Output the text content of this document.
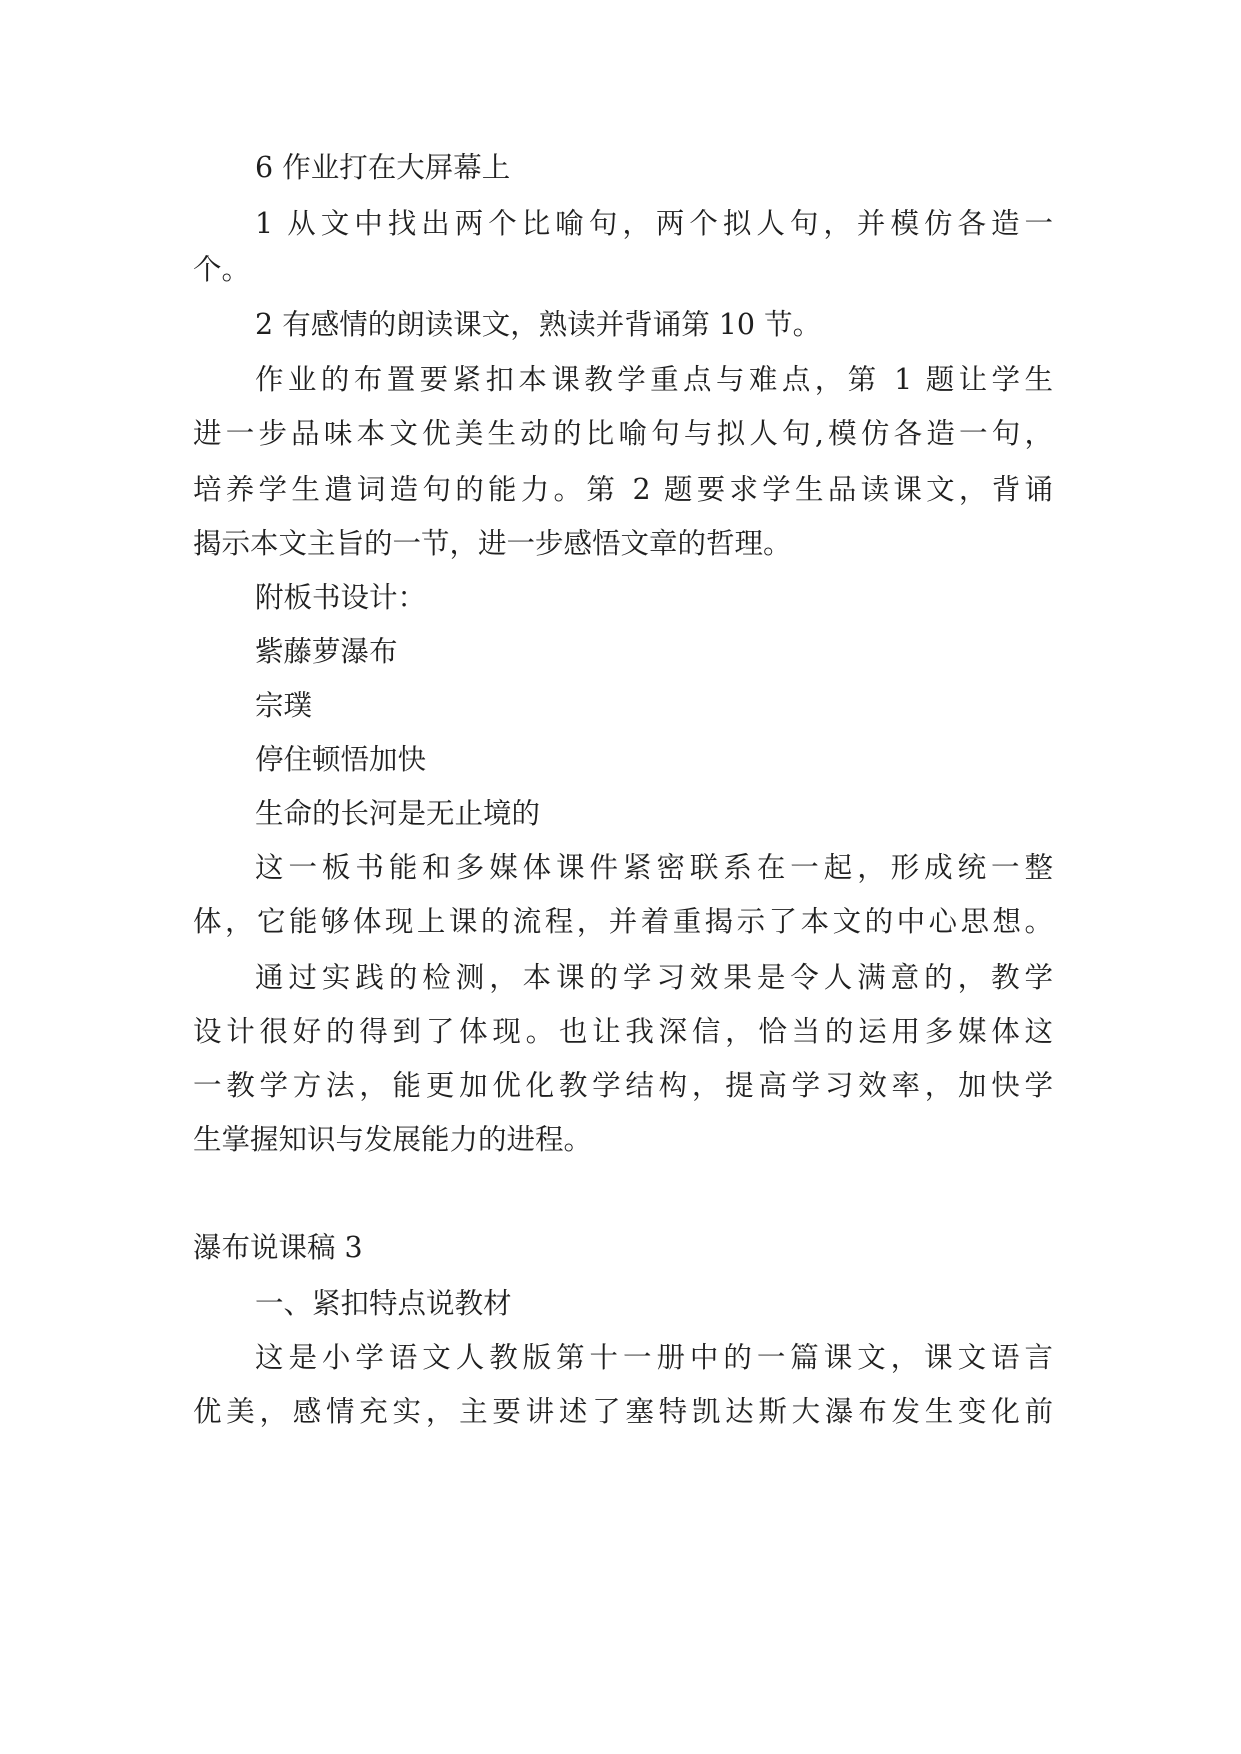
6 作业打在大屏幕上
1 从文中找出两个比喻句，两个拟人句，并模仿各造一
个。
2 有感情的朗读课文，熟读并背诵第 10 节。
作业的布置要紧扣本课教学重点与难点，第 1 题让学生
进一步品味本文优美生动的比喻句与拟人句,模仿各造一句，
培养学生遣词造句的能力。第 2 题要求学生品读课文，背诵
揭示本文主旨的一节，进一步感悟文章的哲理。
附板书设计：
紫藤萝瀑布
宗璞
停住顿悟加快
生命的长河是无止境的
这一板书能和多媒体课件紧密联系在一起，形成统一整
体，它能够体现上课的流程，并着重揭示了本文的中心思想。
通过实践的检测，本课的学习效果是令人满意的，教学
设计很好的得到了体现。也让我深信，恰当的运用多媒体这
一教学方法，能更加优化教学结构，提高学习效率，加快学
生掌握知识与发展能力的进程。
瀑布说课稿 3
一、紧扣特点说教材
这是小学语文人教版第十一册中的一篇课文，课文语言
优美，感情充实，主要讲述了塞特凯达斯大瀑布发生变化前
